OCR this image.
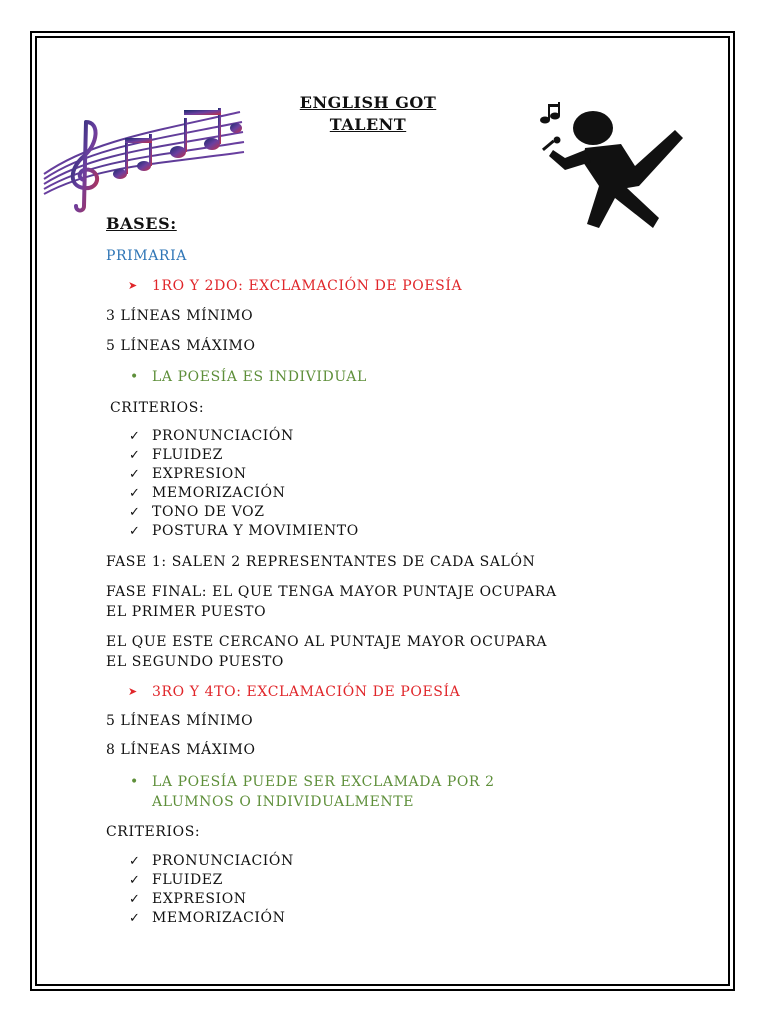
ENGLISH GOT
TALENT
BASES:
PRIMARIA
➤ 1RO Y 2DO: EXCLAMACIÓN DE POESÍA
3 LÍNEAS MÍNIMO
5 LÍNEAS MÁXIMO
• LA POESÍA ES INDIVIDUAL
CRITERIOS:
✓ PRONUNCIACIÓN
✓ FLUIDEZ
✓ EXPRESION
✓ MEMORIZACIÓN
✓ TONO DE VOZ
✓ POSTURA Y MOVIMIENTO
FASE 1: SALEN 2 REPRESENTANTES DE CADA SALÓN
FASE FINAL: EL QUE TENGA MAYOR PUNTAJE OCUPARA
EL PRIMER PUESTO
EL QUE ESTE CERCANO AL PUNTAJE MAYOR OCUPARA
EL SEGUNDO PUESTO
➤ 3RO Y 4TO: EXCLAMACIÓN DE POESÍA
5 LÍNEAS MÍNIMO
8 LÍNEAS MÁXIMO
• LA POESÍA PUEDE SER EXCLAMADA POR 2
ALUMNOS O INDIVIDUALMENTE
CRITERIOS:
✓ PRONUNCIACIÓN
✓ FLUIDEZ
✓ EXPRESION
✓ MEMORIZACIÓN
